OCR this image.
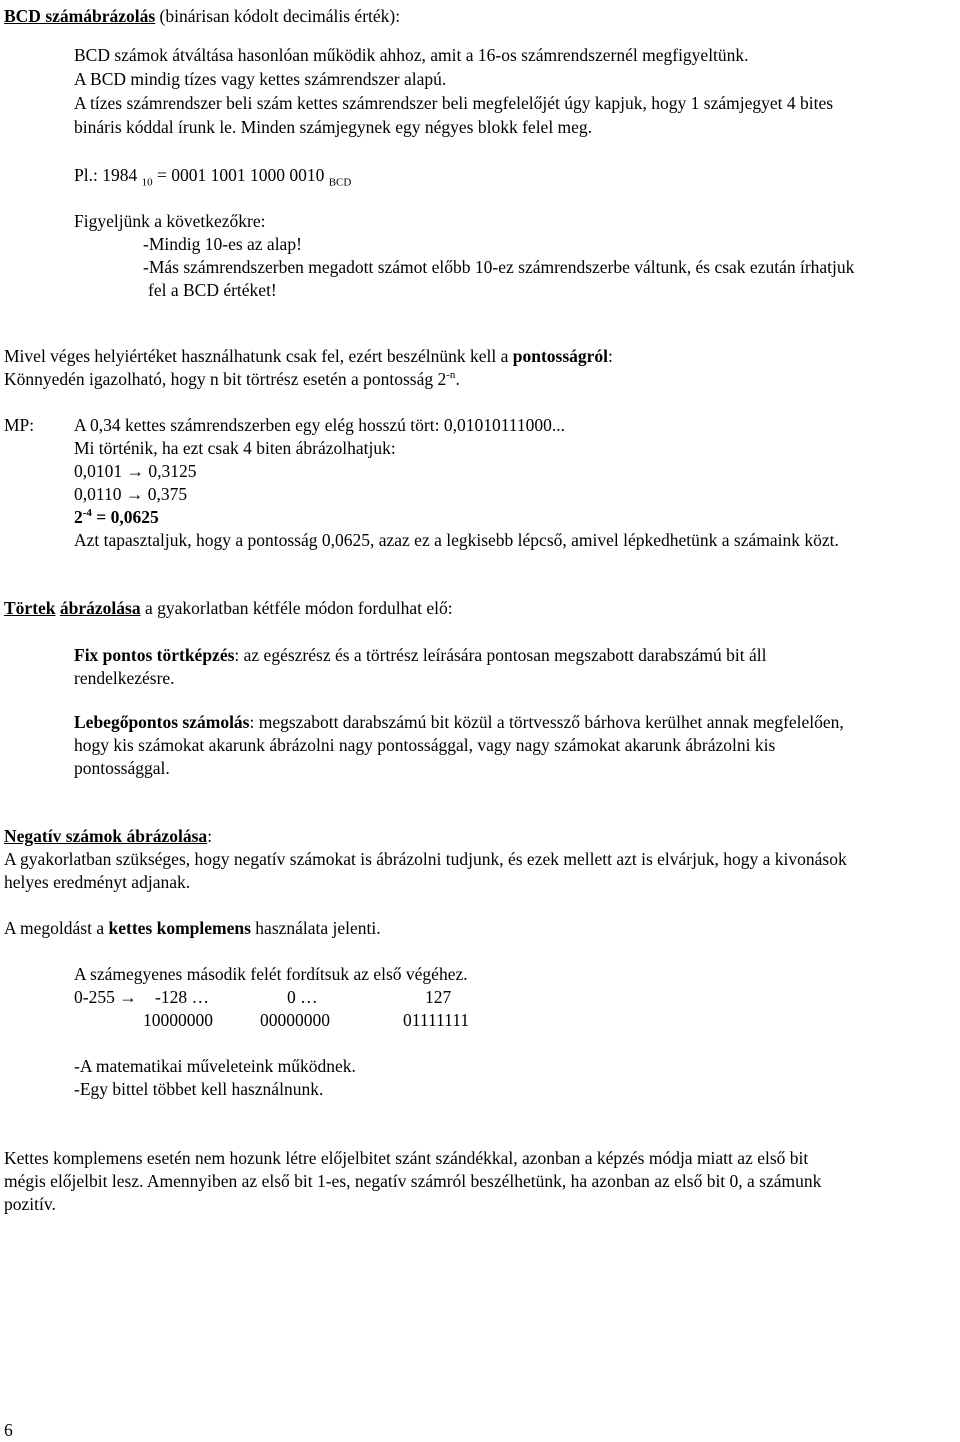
BCD számábrázolás (binárisan kódolt decimális érték):
BCD számok átváltása hasonlóan működik ahhoz, amit a 16-os számrendszernél megfigyeltünk.
A BCD mindig tízes vagy kettes számrendszer alapú.
A tízes számrendszer beli szám kettes számrendszer beli megfelelőjét úgy kapjuk, hogy 1 számjegyet 4 bites
bináris kóddal írunk le. Minden számjegynek egy négyes blokk felel meg.
Pl.: 1984 $_{10}$ = 0001 1001 1000 0010 $_{BCD}$
Figyeljünk a következőkre:
-Mindig 10-es az alap!
-Más számrendszerben megadott számot előbb 10-ez számrendszerbe váltunk, és csak ezután írhatjuk
fel a BCD értéket!
Mivel véges helyiértéket használhatunk csak fel, ezért beszélnünk kell a pontosságról:
Könnyedén igazolható, hogy n bit törtrész esetén a pontosság $2^{-n}$.
MP: A 0,34 kettes számrendszerben egy elég hosszú tört: 0,01010111000...
Mi történik, ha ezt csak 4 biten ábrázolhatjuk:
0,0101 → 0,3125
0,0110 → 0,375
$2^{-4} = 0,0625$
Azt tapasztaljuk, hogy a pontosság 0,0625, azaz ez a legkisebb lépcső, amivel lépkedhetünk a számaink közt.
Törtek ábrázolása a gyakorlatban kétféle módon fordulhat elő:
Fix pontos törtképzés: az egészrész és a törtrész leírására pontosan megszabott darabszámú bit áll
rendelkezésre.
Lebegőpontos számolás: megszabott darabszámú bit közül a törtvessző bárhova kerülhet annak megfelelően,
hogy kis számokat akarunk ábrázolni nagy pontossággal, vagy nagy számokat akarunk ábrázolni kis
pontossággal.
Negatív számok ábrázolása:
A gyakorlatban szükséges, hogy negatív számokat is ábrázolni tudjunk, és ezek mellett azt is elvárjuk, hogy a kivonások
helyes eredményt adjanak.
A megoldást a kettes komplemens használata jelenti.
A számegyenes második felét fordítsuk az első végéhez.
0-255 → -128 …	0 …	127
10000000	00000000	01111111
-A matematikai műveleteink működnek.
-Egy bittel többet kell használnunk.
Kettes komplemens esetén nem hozunk létre előjelbitet szánt szándékkal, azonban a képzés módja miatt az első bit
mégis előjelbit lesz. Amennyiben az első bit 1-es, negatív számról beszélhetünk, ha azonban az első bit 0, a számunk
pozitív.
6
